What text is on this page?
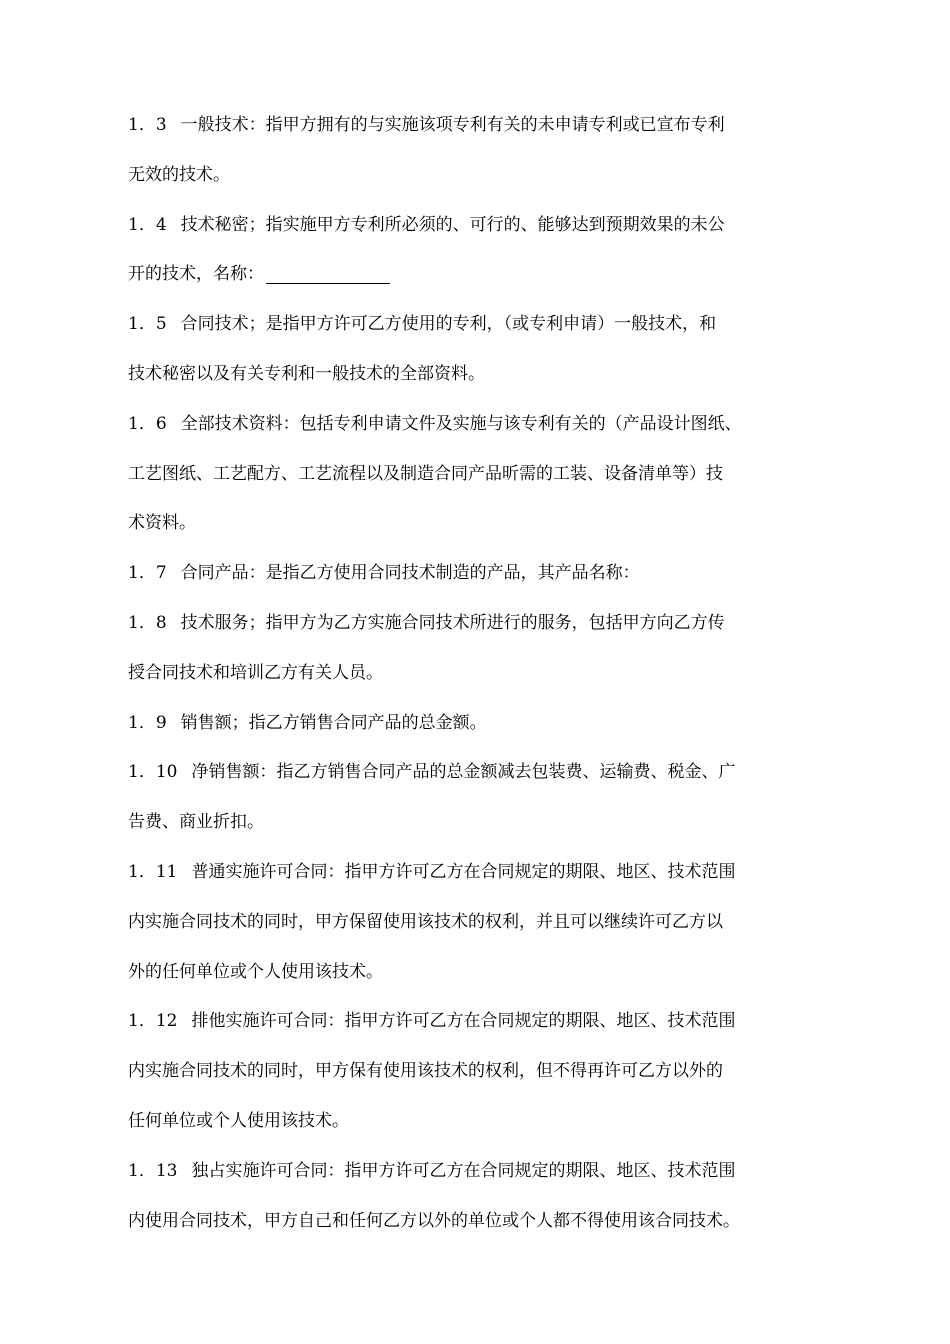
1．3 一般技术：指甲方拥有的与实施该项专利有关的未申请专利或已宣布专利
无效的技术。
1．4 技术秘密；指实施甲方专利所必须的、可行的、能够达到预期效果的未公
开的技术，名称：
1．5 合同技术；是指甲方许可乙方使用的专利，（或专利申请）一般技术，和
技术秘密以及有关专利和一般技术的全部资料。
1．6 全部技术资料：包括专利申请文件及实施与该专利有关的（产品设计图纸、
工艺图纸、工艺配方、工艺流程以及制造合同产品昕需的工装、设备清单等）技
术资料。
1．7 合同产品：是指乙方使用合同技术制造的产品，其产品名称：
1．8 技术服务；指甲方为乙方实施合同技术所进行的服务，包括甲方向乙方传
授合同技术和培训乙方有关人员。
1．9 销售额；指乙方销售合同产品的总金额。
1．10 净销售额：指乙方销售合同产品的总金额减去包装费、运输费、税金、广
告费、商业折扣。
1．11 普通实施许可合同：指甲方许可乙方在合同规定的期限、地区、技术范围
内实施合同技术的同时，甲方保留使用该技术的权利，并且可以继续许可乙方以
外的任何单位或个人使用该技术。
1．12 排他实施许可合同：指甲方许可乙方在合同规定的期限、地区、技术范围
内实施合同技术的同时，甲方保有使用该技术的权利，但不得再许可乙方以外的
任何单位或个人使用该技术。
1．13 独占实施许可合同：指甲方许可乙方在合同规定的期限、地区、技术范围
内使用合同技术，甲方自己和任何乙方以外的单位或个人都不得使用该合同技术。
